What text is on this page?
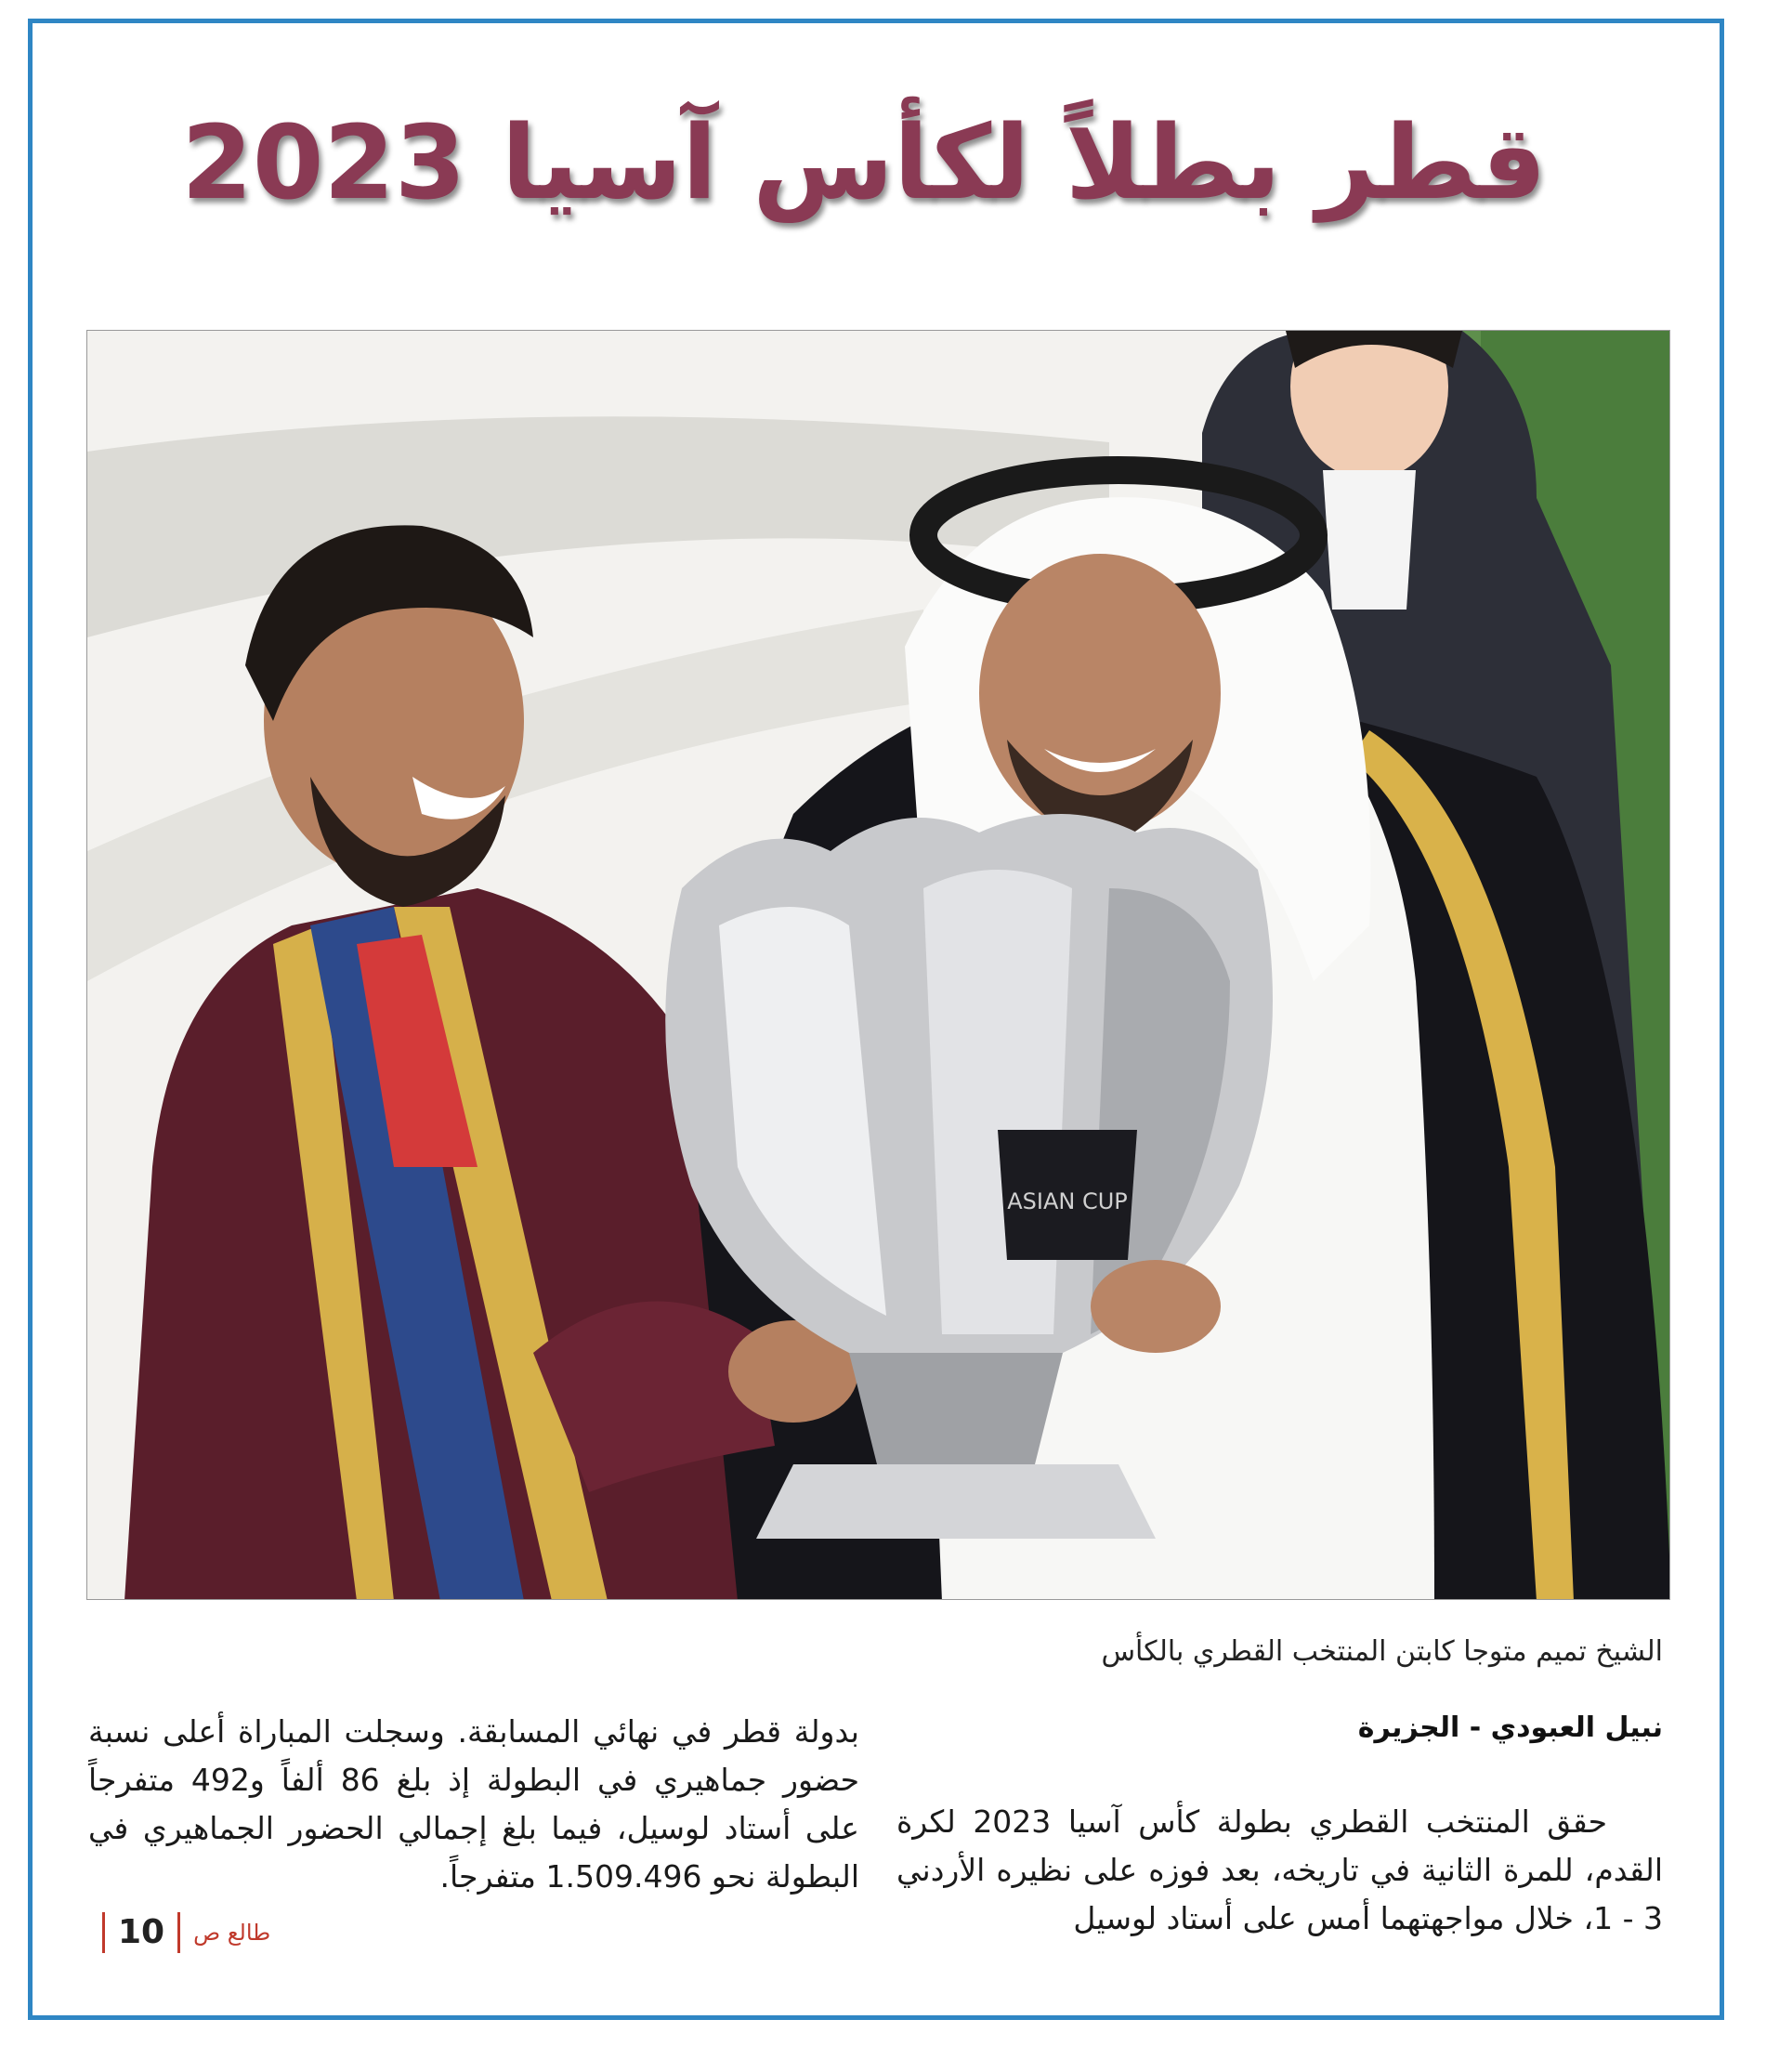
قطر بطلاً لكأس آسيا 2023
ASIAN CUP
الشيخ تميم متوجا كابتن المنتخب القطري بالكأس
نبيل العبودي - الجزيرة
حقق المنتخب القطري بطولة كأس آسيا 2023 لكرة القدم، للمرة الثانية في تاريخه، بعد فوزه على نظيره الأردني 3 - 1، خلال مواجهتهما أمس على أستاد لوسيل
بدولة قطر في نهائي المسابقة. وسجلت المباراة أعلى نسبة حضور جماهيري في البطولة إذ بلغ 86 ألفاً و492 متفرجاً على أستاد لوسيل، فيما بلغ إجمالي الحضور الجماهيري في البطولة نحو 1.509.496 متفرجاً.
طالع ص
10
